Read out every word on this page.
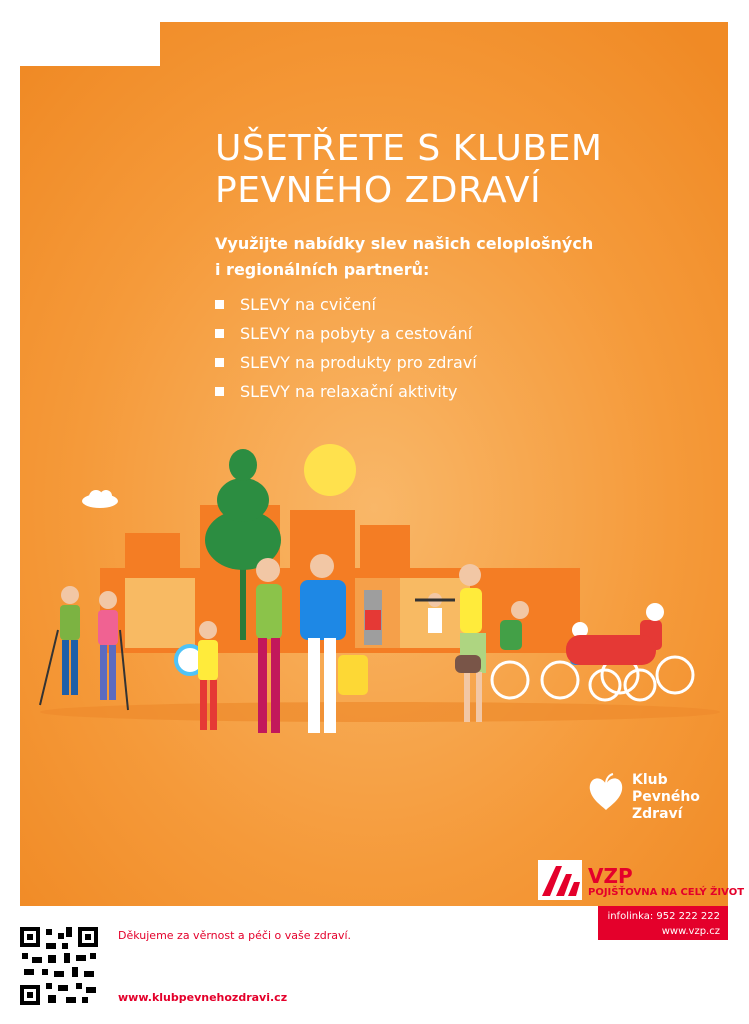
UŠETŘETE S KLUBEM
PEVNÉHO ZDRAVÍ
Využijte nabídky slev našich celoplošných
i regionálních partnerů:
SLEVY na cvičení
SLEVY na pobyty a cestování
SLEVY na produkty pro zdraví
SLEVY na relaxační aktivity
Klub
Pevného
Zdraví
VZP
POJIŠŤOVNA NA CELÝ ŽIVOT
infolinka: 952 222 222
www.vzp.cz
Děkujeme za věrnost a péči o vaše zdraví.
www.klubpevnehozdravi.cz
